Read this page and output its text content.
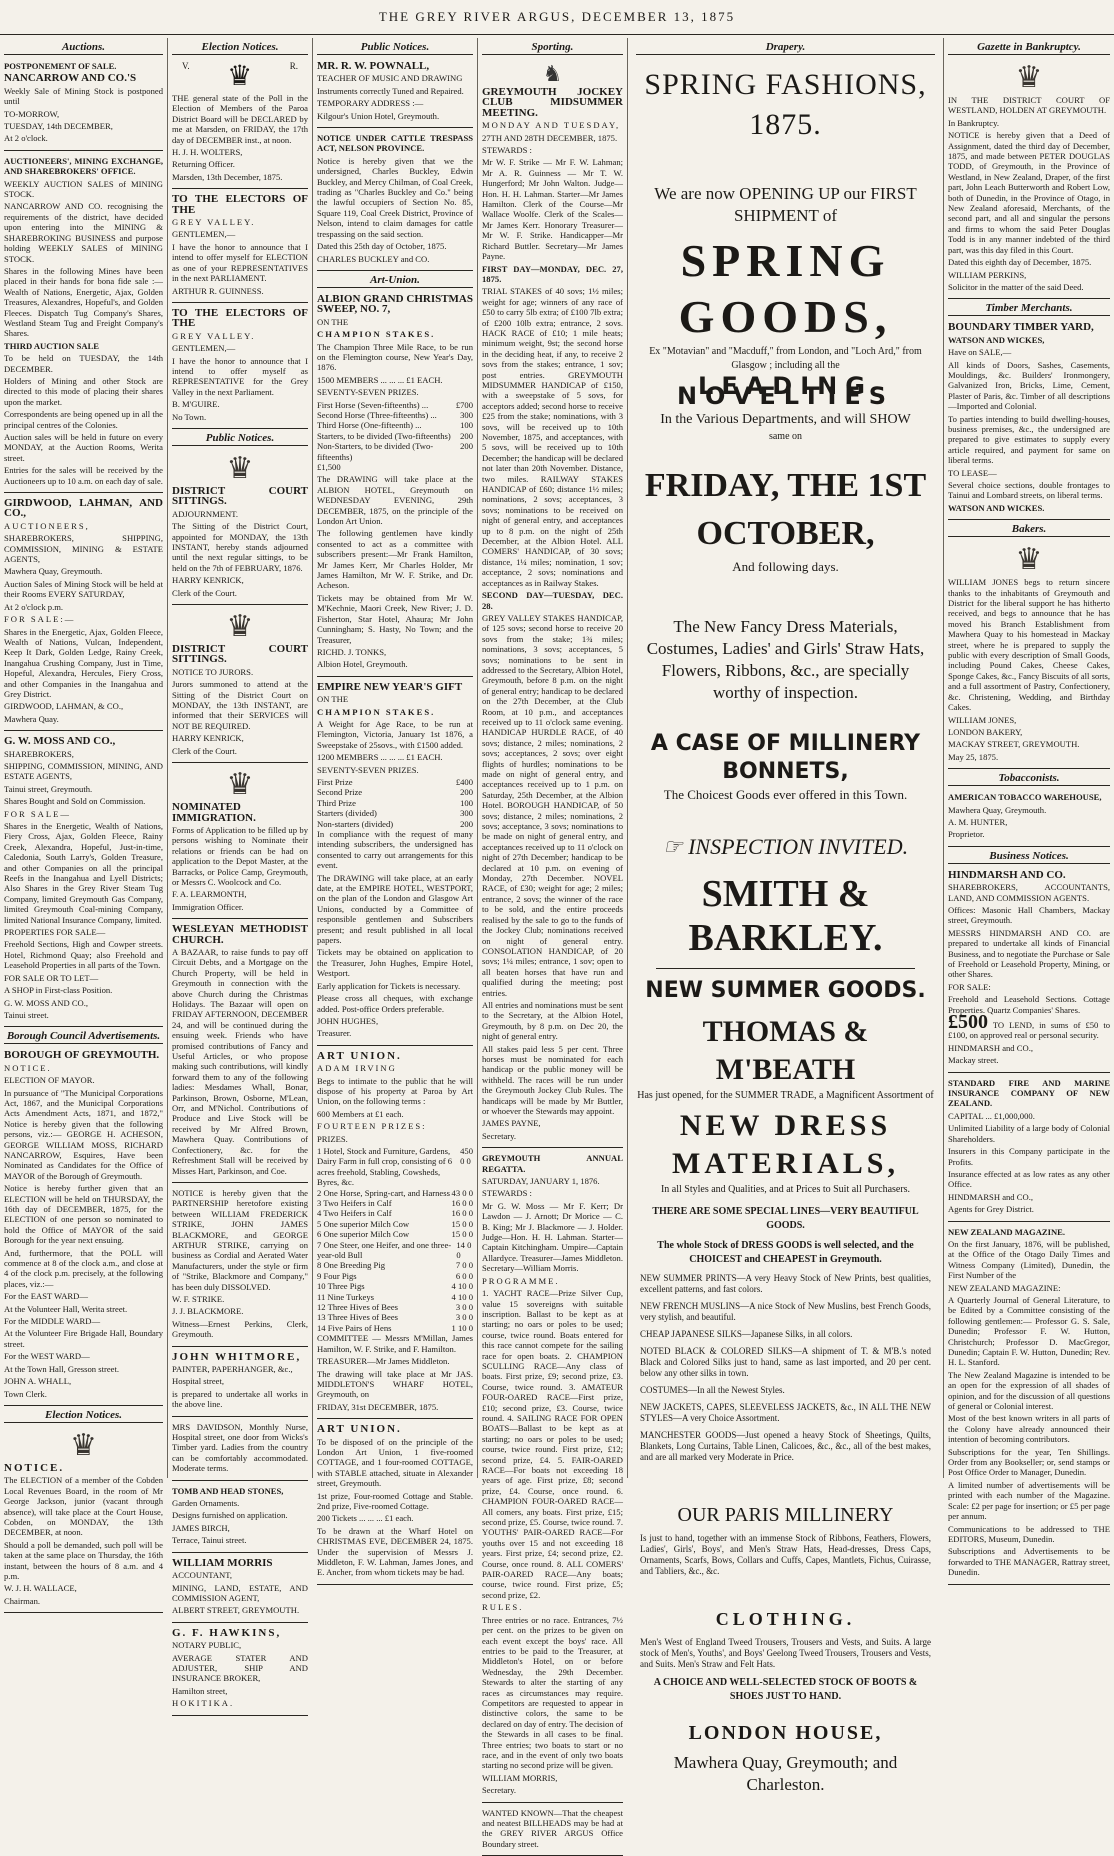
THE GREY RIVER ARGUS, DECEMBER 13, 1875
Auctions.

POSTPONEMENT OF SALE.

NANCARROW AND CO.'S

Weekly Sale of Mining Stock is postponed until

TO-MORROW,

TUESDAY, 14th DECEMBER,

At 2 o'clock.

AUCTIONEERS', MINING EXCHANGE, AND SHAREBROKERS' OFFICE.

WEEKLY AUCTION SALES of MINING STOCK.

NANCARROW AND CO. recognising the requirements of the district, have decided upon entering into the MINING & SHAREBROKING BUSINESS and purpose holding WEEKLY SALES of MINING STOCK.

Shares in the following Mines have been placed in their hands for bona fide sale :—Wealth of Nations, Energetic, Ajax, Golden Treasures, Alexandres, Hopeful's, and Golden Fleeces. Dispatch Tug Company's Shares, Westland Steam Tug and Freight Company's Shares.

THIRD AUCTION SALE

To be held on TUESDAY, the 14th DECEMBER.

Holders of Mining and other Stock are directed to this mode of placing their shares upon the market.

Correspondents are being opened up in all the principal centres of the Colonies.

Auction sales will be held in future on every MONDAY, at the Auction Rooms, Werita street.

Entries for the sales will be received by the Auctioneers up to 10 a.m. on each day of sale.

GIRDWOOD, LAHMAN, AND CO.,

AUCTIONEERS,

SHAREBROKERS, SHIPPING, COMMISSION, MINING & ESTATE AGENTS,

Mawhera Quay, Greymouth.

Auction Sales of Mining Stock will be held at their Rooms EVERY SATURDAY,

At 2 o'clock p.m.

FOR SALE:—

Shares in the Energetic, Ajax, Golden Fleece, Wealth of Nations, Vulcan, Independent, Keep It Dark, Golden Ledge, Rainy Creek, Inangahua Crushing Company, Just in Time, Hopeful, Alexandra, Hercules, Fiery Cross, and other Companies in the Inangahua and Grey District.

GIRDWOOD, LAHMAN, & CO.,

Mawhera Quay.

G. W. MOSS AND CO.,

SHAREBROKERS,

SHIPPING, COMMISSION, MINING, AND ESTATE AGENTS,

Tainui street, Greymouth.

Shares Bought and Sold on Commission.

FOR SALE—

Shares in the Energetic, Wealth of Nations, Fiery Cross, Ajax, Golden Fleece, Rainy Creek, Alexandra, Hopeful, Just-in-time, Caledonia, South Larry's, Golden Treasure, and other Companies on all the principal Reefs in the Inangahua and Lyell Districts; Also Shares in the Grey River Steam Tug Company, limited Greymouth Gas Company, limited Greymouth Coal-mining Company, limited National Insurance Company, limited.

PROPERTIES FOR SALE—

Freehold Sections, High and Cowper streets. Hotel, Richmond Quay; also Freehold and Leasehold Properties in all parts of the Town.

FOR SALE OR TO LET—

A SHOP in First-class Position.

G. W. MOSS AND CO.,

Tainui street.

Borough Council Advertisements.

BOROUGH OF GREYMOUTH.

NOTICE.

ELECTION OF MAYOR.

In pursuance of "The Municipal Corporations Act, 1867, and the Municipal Corporations Acts Amendment Acts, 1871, and 1872," Notice is hereby given that the following persons, viz.:— GEORGE H. ACHESON, GEORGE WILLIAM MOSS, RICHARD NANCARROW, Esquires, Have been Nominated as Candidates for the Office of MAYOR of the Borough of Greymouth.

Notice is hereby further given that an ELECTION will be held on THURSDAY, the 16th day of DECEMBER, 1875, for the ELECTION of one person so nominated to hold the Office of MAYOR of the said Borough for the year next ensuing.

And, furthermore, that the POLL will commence at 8 of the clock a.m., and close at 4 of the clock p.m. precisely, at the following places, viz.:—

For the EAST WARD—

At the Volunteer Hall, Werita street.

For the MIDDLE WARD—

At the Volunteer Fire Brigade Hall, Boundary street.

For the WEST WARD—

At the Town Hall, Gresson street.

JOHN A. WHALL,

Town Clerk.

Election Notices.
♛

NOTICE.

The ELECTION of a member of the Cobden Local Revenues Board, in the room of Mr George Jackson, junior (vacant through absence), will take place at the Court House, Cobden, on MONDAY, the 13th DECEMBER, at noon.

Should a poll be demanded, such poll will be taken at the same place on Thursday, the 16th instant, between the hours of 8 a.m. and 4 p.m.

W. J. H. WALLACE,

Chairman.

Election Notices.
V. ♛	R.

THE general state of the Poll in the Election of Members of the Paroa District Board will be DECLARED by me at Marsden, on FRIDAY, the 17th day of DECEMBER inst., at noon.

H. J. H. WOLTERS,

Returning Officer.

Marsden, 13th December, 1875.

TO THE ELECTORS OF THE

GREY VALLEY.

GENTLEMEN,—

I have the honor to announce that I intend to offer myself for ELECTION as one of your REPRESENTATIVES in the next PARLIAMENT.

ARTHUR R. GUINNESS.

TO THE ELECTORS OF THE

GREY VALLEY.

GENTLEMEN,—

I have the honor to announce that I intend to offer myself as REPRESENTATIVE for the Grey Valley in the next Parliament.

B. M'GUIRE.

No Town.

Public Notices.
♛

DISTRICT COURT SITTINGS.

ADJOURNMENT.

The Sitting of the District Court, appointed for MONDAY, the 13th INSTANT, hereby stands adjourned until the next regular sittings, to be held on the 7th of FEBRUARY, 1876.

HARRY KENRICK,

Clerk of the Court.

♛

DISTRICT COURT SITTINGS.

NOTICE TO JURORS.

Jurors summoned to attend at the Sitting of the District Court on MONDAY, the 13th INSTANT, are informed that their SERVICES will NOT BE REQUIRED.

HARRY KENRICK,

Clerk of the Court.

♛

NOMINATED IMMIGRATION.

Forms of Application to be filled up by persons wishing to Nominate their relations or friends can be had on application to the Depot Master, at the Barracks, or Police Camp, Greymouth, or Messrs C. Woolcock and Co.

F. A. LEARMONTH,

Immigration Officer.

WESLEYAN METHODIST CHURCH.

A BAZAAR, to raise funds to pay off Circuit Debts, and a Mortgage on the Church Property, will be held in Greymouth in connection with the above Church during the Christmas Holidays. The Bazaar will open on FRIDAY AFTERNOON, DECEMBER 24, and will be continued during the ensuing week. Friends who have promised contributions of Fancy and Useful Articles, or who propose making such contributions, will kindly forward them to any of the following ladies: Mesdames Whall, Bonar, Parkinson, Brown, Osborne, M'Lean, Orr, and M'Nichol. Contributions of Produce and Live Stock will be received by Mr Alfred Brown, Mawhera Quay. Contributions of Confectionery, &c. for the Refreshment Stall will be received by Misses Hart, Parkinson, and Coe.

NOTICE is hereby given that the PARTNERSHIP heretofore existing between WILLIAM FREDERICK STRIKE, JOHN JAMES BLACKMORE, and GEORGE ARTHUR STRIKE, carrying on business as Cordial and Aerated Water Manufacturers, under the style or firm of "Strike, Blackmore and Company," has been duly DISSOLVED.

W. F. STRIKE.

J. J. BLACKMORE.

Witness—Ernest Perkins, Clerk, Greymouth.

JOHN WHITMORE,

PAINTER, PAPERHANGER, &c.,

Hospital street,

is prepared to undertake all works in the above line.

MRS DAVIDSON, Monthly Nurse, Hospital street, one door from Wicks's Timber yard. Ladies from the country can be comfortably accommodated. Moderate terms.

TOMB AND HEAD STONES,

Garden Ornaments.

Designs furnished on application.

JAMES BIRCH,

Terrace, Tainui street.

WILLIAM MORRIS

ACCOUNTANT,

MINING, LAND, ESTATE, AND COMMISSION AGENT,

ALBERT STREET, GREYMOUTH.

G. F. HAWKINS,

NOTARY PUBLIC,

AVERAGE STATER AND ADJUSTER, SHIP AND INSURANCE BROKER,

Hamilton street,

HOKITIKA.

Public Notices.

MR. R. W. POWNALL,

TEACHER OF MUSIC AND DRAWING

Instruments correctly Tuned and Repaired.

TEMPORARY ADDRESS :—

Kilgour's Union Hotel, Greymouth.

NOTICE UNDER CATTLE TRESPASS ACT, NELSON PROVINCE.

Notice is hereby given that we the undersigned, Charles Buckley, Edwin Buckley, and Mercy Chilman, of Coal Creek, trading as "Charles Buckley and Co." being the lawful occupiers of Section No. 85, Square 119, Coal Creek District, Province of Nelson, intend to claim damages for cattle trespassing on the said section.

Dated this 25th day of October, 1875.

CHARLES BUCKLEY and CO.

Art-Union.

ALBION GRAND CHRISTMAS SWEEP, NO. 7,

ON THE

CHAMPION STAKES.

The Champion Three Mile Race, to be run on the Flemington course, New Year's Day, 1876.

1500 MEMBERS ... ... ... £1 EACH.

SEVENTY-SEVEN PRIZES.

First Horse (Seven-fifteenths) ...	£700
Second Horse (Three-fifteenths) ...	300
Third Horse (One-fifteenth) ...	100
Starters, to be divided (Two-fifteenths) 200
Non-Starters, to be divided (Two-fifteenths)
200

£1,500

The DRAWING will take place at the ALBION HOTEL, Greymouth on WEDNESDAY EVENING, 29th DECEMBER, 1875, on the principle of the London Art Union.

The following gentlemen have kindly consented to act as a committee with subscribers present:—Mr Frank Hamilton, Mr James Kerr, Mr Charles Holder, Mr James Hamilton, Mr W. F. Strike, and Dr. Acheson.

Tickets may be obtained from Mr W. M'Kechnie, Maori Creek, New River; J. D. Fisherton, Star Hotel, Ahaura; Mr John Cunningham; S. Hasty, No Town; and the Treasurer,

RICHD. J. TONKS,

Albion Hotel, Greymouth.

EMPIRE NEW YEAR'S GIFT

ON THE

CHAMPION STAKES.

A Weight for Age Race, to be run at Flemington, Victoria, January 1st 1876, a Sweepstake of 25sovs., with £1500 added.

1200 MEMBERS ... ... ... £1 EACH.

SEVENTY-SEVEN PRIZES.

First Prize	£400
Second Prize	200
Third Prize	100
Starters (divided)	300
Non-starters (divided)	200

In compliance with the request of many intending subscribers, the undersigned has consented to carry out arrangements for this event.

The DRAWING will take place, at an early date, at the EMPIRE HOTEL, WESTPORT, on the plan of the London and Glasgow Art Unions, conducted by a Committee of responsible gentlemen and Subscribers present; and result published in all local papers.

Tickets may be obtained on application to the Treasurer, John Hughes, Empire Hotel, Westport.

Early application for Tickets is necessary.

Please cross all cheques, with exchange added. Post-office Orders preferable.

JOHN HUGHES,

Treasurer.

ART UNION.

ADAM IRVING

Begs to intimate to the public that he will dispose of his property at Paroa by Art Union, on the following terms :

600 Members at £1 each.

FOURTEEN PRIZES:

PRIZES.

1 Hotel, Stock and Furniture, Gardens, Dairy Farm in full crop, consisting of 6 acres freehold, Stabling, Cowsheds, Byres, &c.
450 0 0
2 One Horse, Spring-cart, and Harness 43 0 0
3 Two Heifers in Calf	16 0 0
4 Two Heifers in Calf	16 0 0
5 One superior Milch Cow	15 0 0
6 One superior Milch Cow	15 0 0
7 One Steer, one Heifer, and one three-year-old Bull
14 0 0
8 One Breeding Pig	7 0 0
9 Four Pigs	6 0 0
10 Three Pigs	4 10 0
11 Nine Turkeys	4 10 0
12 Three Hives of Bees	3 0 0
13 Three Hives of Bees	3 0 0
14 Five Pairs of Hens	1 10 0

COMMITTEE — Messrs M'Millan, James Hamilton, W. F. Strike, and F. Hamilton.

TREASURER—Mr James Middleton.

The drawing will take place at Mr JAS. MIDDLETON'S WHARF HOTEL, Greymouth, on

FRIDAY, 31st DECEMBER, 1875.

ART UNION.

To be disposed of on the principle of the London Art Union, 1 five-roomed COTTAGE, and 1 four-roomed COTTAGE, with STABLE attached, situate in Alexander street, Greymouth.

1st prize, Four-roomed Cottage and Stable. 2nd prize, Five-roomed Cottage.

200 Tickets ... ... ... £1 each.

To be drawn at the Wharf Hotel on CHRISTMAS EVE, DECEMBER 24, 1875. Under the supervision of Messrs J. Middleton, F. W. Lahman, James Jones, and E. Ancher, from whom tickets may be had.

Sporting.
♞

GREYMOUTH JOCKEY CLUB MIDSUMMER MEETING.

MONDAY AND TUESDAY,

27TH AND 28TH DECEMBER, 1875.

STEWARDS :

Mr W. F. Strike — Mr F. W. Lahman; Mr A. R. Guinness — Mr T. W. Hungerford; Mr John Walton. Judge—Hon. H. H. Lahman. Starter—Mr James Hamilton. Clerk of the Course—Mr Wallace Woolfe. Clerk of the Scales—Mr James Kerr. Honorary Treasurer—Mr W. F. Strike. Handicapper—Mr Richard Buttler. Secretary—Mr James Payne.

FIRST DAY—MONDAY, DEC. 27, 1875.

TRIAL STAKES of 40 sovs; 1½ miles; weight for age; winners of any race of £50 to carry 5lb extra; of £100 7lb extra; of £200 10lb extra; entrance, 2 sovs. HACK RACE of £10; 1 mile heats; minimum weight, 9st; the second horse in the deciding heat, if any, to receive 2 sovs from the stakes; entrance, 1 sov; post entries. GREYMOUTH MIDSUMMER HANDICAP of £150, with a sweepstake of 5 sovs, for acceptors added; second horse to receive £25 from the stake; nominations, with 3 sovs, will be received up to 10th November, 1875, and acceptances, with 5 sovs, will be received up to 10th December; the handicap will be declared not later than 20th November. Distance, two miles. RAILWAY STAKES HANDICAP of £60; distance 1½ miles; nominations, 2 sovs; acceptances, 3 sovs; nominations to be received on night of general entry, and acceptances up to 8 p.m. on the night of 25th December, at the Albion Hotel. ALL COMERS' HANDICAP, of 30 sovs; distance, 1¼ miles; nomination, 1 sov; acceptance, 2 sovs; nominations and acceptances as in Railway Stakes.

SECOND DAY—TUESDAY, DEC. 28.

GREY VALLEY STAKES HANDICAP, of 125 sovs; second horse to receive 20 sovs from the stake; 1¾ miles; nominations, 3 sovs; acceptances, 5 sovs; nominations to be sent in addressed to the Secretary, Albion Hotel, Greymouth, before 8 p.m. on the night of general entry; handicap to be declared on the 27th December, at the Club Room, at 10 p.m., and acceptances received up to 11 o'clock same evening. HANDICAP HURDLE RACE, of 40 sovs; distance, 2 miles; nominations, 2 sovs; acceptances, 2 sovs; over eight flights of hurdles; nominations to be made on night of general entry, and acceptances received up to 1 p.m. on Saturday, 25th December, at the Albion Hotel. BOROUGH HANDICAP, of 50 sovs; distance, 2 miles; nominations, 2 sovs; acceptance, 3 sovs; nominations to be made on night of general entry, and acceptances received up to 11 o'clock on night of 27th December; handicap to be declared at 10 p.m. on evening of Monday, 27th December. NOVEL RACE, of £30; weight for age; 2 miles; entrance, 2 sovs; the winner of the race to be sold, and the entire proceeds realised by the sale to go to the funds of the Jockey Club; nominations received on night of general entry. CONSOLATION HANDICAP, of 20 sovs; 1¼ miles; entrance, 1 sov; open to all beaten horses that have run and qualified during the meeting; post entries.

All entries and nominations must be sent to the Secretary, at the Albion Hotel, Greymouth, by 8 p.m. on Dec 20, the night of general entry.

All stakes paid less 5 per cent. Three horses must be nominated for each handicap or the public money will be withheld. The races will be run under the Greymouth Jockey Club Rules. The handicaps will be made by Mr Buttler, or whoever the Stewards may appoint.

JAMES PAYNE,

Secretary.

GREYMOUTH ANNUAL REGATTA.

SATURDAY, JANUARY 1, 1876.

STEWARDS :

Mr G. W. Moss — Mr F. Kerr; Dr Lawdon — J. Arnott; Dr Morice — C. B. King; Mr J. Blackmore — J. Holder. Judge—Hon. H. H. Lahman. Starter—Captain Kitchingham. Umpire—Captain Allardyce. Treasurer—James Middleton. Secretary—William Morris.

PROGRAMME.

1. YACHT RACE—Prize Silver Cup, value 15 sovereigns with suitable inscription. Ballast to be kept as at starting; no oars or poles to be used; course, twice round. Boats entered for this race cannot compete for the sailing race for open boats. 2. CHAMPION SCULLING RACE—Any class of boats. First prize, £9; second prize, £3. Course, twice round. 3. AMATEUR FOUR-OARED RACE—First prize, £10; second prize, £3. Course, twice round. 4. SAILING RACE FOR OPEN BOATS—Ballast to be kept as at starting; no oars or poles to be used; course, twice round. First prize, £12; second prize, £4. 5. FAIR-OARED RACE—For boats not exceeding 18 years of age. First prize, £8; second prize, £4. Course, once round. 6. CHAMPION FOUR-OARED RACE—All comers, any boats. First prize, £15; second prize, £5. Course, twice round. 7. YOUTHS' PAIR-OARED RACE—For youths over 15 and not exceeding 18 years. First prize, £4; second prize, £2. Course, once round. 8. ALL COMERS' PAIR-OARED RACE—Any boats; course, twice round. First prize, £5; second prize, £2.

RULES.

Three entries or no race. Entrances, 7½ per cent. on the prizes to be given on each event except the boys' race. All entries to be paid to the Treasurer, at Middleton's Hotel, on or before Wednesday, the 29th December. Stewards to alter the starting of any races as circumstances may require. Competitors are requested to appear in distinctive colors, the same to be declared on day of entry. The decision of the Stewards in all cases to be final. Three entries; two boats to start or no race, and in the event of only two boats starting no second prize will be given.

WILLIAM MORRIS,

Secretary.

WANTED KNOWN—That the cheapest and neatest BILLHEADS may be had at the GREY RIVER ARGUS Office Boundary street.

Drapery.
SPRING FASHIONS, 1875.
We are now OPENING UP our FIRST SHIPMENT of
SPRING GOODS,
Ex "Motavian" and "Macduff," from London, and "Loch Ard," from Glasgow ; including all the
LEADING NOVELTIES
In the Various Departments, and will SHOW
same on
FRIDAY, THE 1ST OCTOBER,
And following days.
The New Fancy Dress Materials, Costumes, Ladies' and Girls' Straw Hats, Flowers, Ribbons, &c., are specially worthy of inspection.
A CASE OF MILLINERY BONNETS,
The Choicest Goods ever offered in this Town.
☞ INSPECTION INVITED.
SMITH & BARKLEY.
NEW SUMMER GOODS.
THOMAS & M'BEATH
Has just opened, for the SUMMER TRADE, a Magnificent Assortment of
NEW DRESS MATERIALS,
In all Styles and Qualities, and at Prices to Suit all Purchasers.
THERE ARE SOME SPECIAL LINES—VERY BEAUTIFUL GOODS.
The whole Stock of DRESS GOODS is well selected, and the CHOICEST and CHEAPEST in Greymouth.
NEW SUMMER PRINTS—A very Heavy Stock of New Prints, best qualities, excellent patterns, and fast colors.
NEW FRENCH MUSLINS—A nice Stock of New Muslins, best French Goods, very stylish, and beautiful.
CHEAP JAPANESE SILKS—Japanese Silks, in all colors.
NOTED BLACK & COLORED SILKS—A shipment of T. & M'B.'s noted Black and Colored Silks just to hand, same as last imported, and 20 per cent. below any other silks in town.
COSTUMES—In all the Newest Styles.
NEW JACKETS, CAPES, SLEEVELESS JACKETS, &c., IN ALL THE NEW STYLES—A very Choice Assortment.
MANCHESTER GOODS—Just opened a heavy Stock of Sheetings, Quilts, Blankets, Long Curtains, Table Linen, Calicoes, &c., &c., all of the best makes, and are all marked very Moderate in Price.
OUR PARIS MILLINERY
Is just to hand, together with an immense Stock of Ribbons, Feathers, Flowers, Ladies', Girls', Boys', and Men's Straw Hats, Head-dresses, Dress Caps, Ornaments, Scarfs, Bows, Collars and Cuffs, Capes, Mantlets, Fichus, Cuirasse, and Tabliers, &c., &c.
CLOTHING.
Men's West of England Tweed Trousers, Trousers and Vests, and Suits. A large stock of Men's, Youths', and Boys' Geelong Tweed Trousers, Trousers and Vests, and Suits. Men's Straw and Felt Hats.
A CHOICE AND WELL-SELECTED STOCK OF BOOTS & SHOES JUST TO HAND.
LONDON HOUSE,
Mawhera Quay, Greymouth; and Charleston.
Gazette in Bankruptcy.
♛

IN THE DISTRICT COURT OF WESTLAND, HOLDEN AT GREYMOUTH.

In Bankruptcy.

NOTICE is hereby given that a Deed of Assignment, dated the third day of December, 1875, and made between PETER DOUGLAS TODD, of Greymouth, in the Province of Westland, in New Zealand, Draper, of the first part, John Leach Butterworth and Robert Low, both of Dunedin, in the Province of Otago, in New Zealand aforesaid, Merchants, of the second part, and all and singular the persons and firms to whom the said Peter Douglas Todd is in any manner indebted of the third part, was this day filed in this Court.

Dated this eighth day of December, 1875.

WILLIAM PERKINS,

Solicitor in the matter of the said Deed.

Timber Merchants.

BOUNDARY TIMBER YARD,

WATSON AND WICKES,

Have on SALE,—

All kinds of Doors, Sashes, Casements, Mouldings, &c. Builders' Ironmongery, Galvanized Iron, Bricks, Lime, Cement, Plaster of Paris, &c. Timber of all descriptions—Imported and Colonial.

To parties intending to build dwelling-houses, business premises, &c., the undersigned are prepared to give estimates to supply every article required, and payment for same on liberal terms.

TO LEASE—

Several choice sections, double frontages to Tainui and Lombard streets, on liberal terms.

WATSON AND WICKES.

Bakers.
♛

WILLIAM JONES begs to return sincere thanks to the inhabitants of Greymouth and District for the liberal support he has hitherto received, and begs to announce that he has moved his Branch Establishment from Mawhera Quay to his homestead in Mackay street, where he is prepared to supply the public with every description of Small Goods, including Pound Cakes, Cheese Cakes, Sponge Cakes, &c., Fancy Biscuits of all sorts, and a full assortment of Pastry, Confectionery, &c. Christening, Wedding, and Birthday Cakes.

WILLIAM JONES,

LONDON BAKERY,

MACKAY STREET, GREYMOUTH.

May 25, 1875.

Tobacconists.

AMERICAN TOBACCO WAREHOUSE,

Mawhera Quay, Greymouth.

A. M. HUNTER,

Proprietor.

Business Notices.

HINDMARSH AND CO.

SHAREBROKERS, ACCOUNTANTS, LAND, AND COMMISSION AGENTS.

Offices: Masonic Hall Chambers, Mackay street, Greymouth.

MESSRS HINDMARSH AND CO. are prepared to undertake all kinds of Financial Business, and to negotiate the Purchase or Sale of Freehold or Leasehold Property, Mining, or other Shares.

FOR SALE:

Freehold and Leasehold Sections. Cottage Properties. Quartz Companies' Shares.

£500 TO LEND, in sums of £50 to £100, on approved real or personal security.

HINDMARSH and CO.,

Mackay street.

STANDARD FIRE AND MARINE INSURANCE COMPANY OF NEW ZEALAND.

CAPITAL ... £1,000,000.

Unlimited Liability of a large body of Colonial Shareholders.

Insurers in this Company participate in the Profits.

Insurance effected at as low rates as any other Office.

HINDMARSH and CO.,

Agents for Grey District.

NEW ZEALAND MAGAZINE.

On the first January, 1876, will be published, at the Office of the Otago Daily Times and Witness Company (Limited), Dunedin, the First Number of the

NEW ZEALAND MAGAZINE:

A Quarterly Journal of General Literature, to be Edited by a Committee consisting of the following gentlemen:— Professor G. S. Sale, Dunedin; Professor F. W. Hutton, Christchurch; Professor D. MacGregor, Dunedin; Captain F. W. Hutton, Dunedin; Rev. H. L. Stanford.

The New Zealand Magazine is intended to be an open for the expression of all shades of opinion, and for the discussion of all questions of general or Colonial interest.

Most of the best known writers in all parts of the Colony have already announced their intention of becoming contributors.

Subscriptions for the year, Ten Shillings. Order from any Bookseller; or, send stamps or Post Office Order to Manager, Dunedin.

A limited number of advertisements will be printed with each number of the Magazine. Scale: £2 per page for insertion; or £5 per page per annum.

Communications to be addressed to THE EDITORS, Museum, Dunedin.

Subscriptions and Advertisements to be forwarded to THE MANAGER, Rattray street, Dunedin.
